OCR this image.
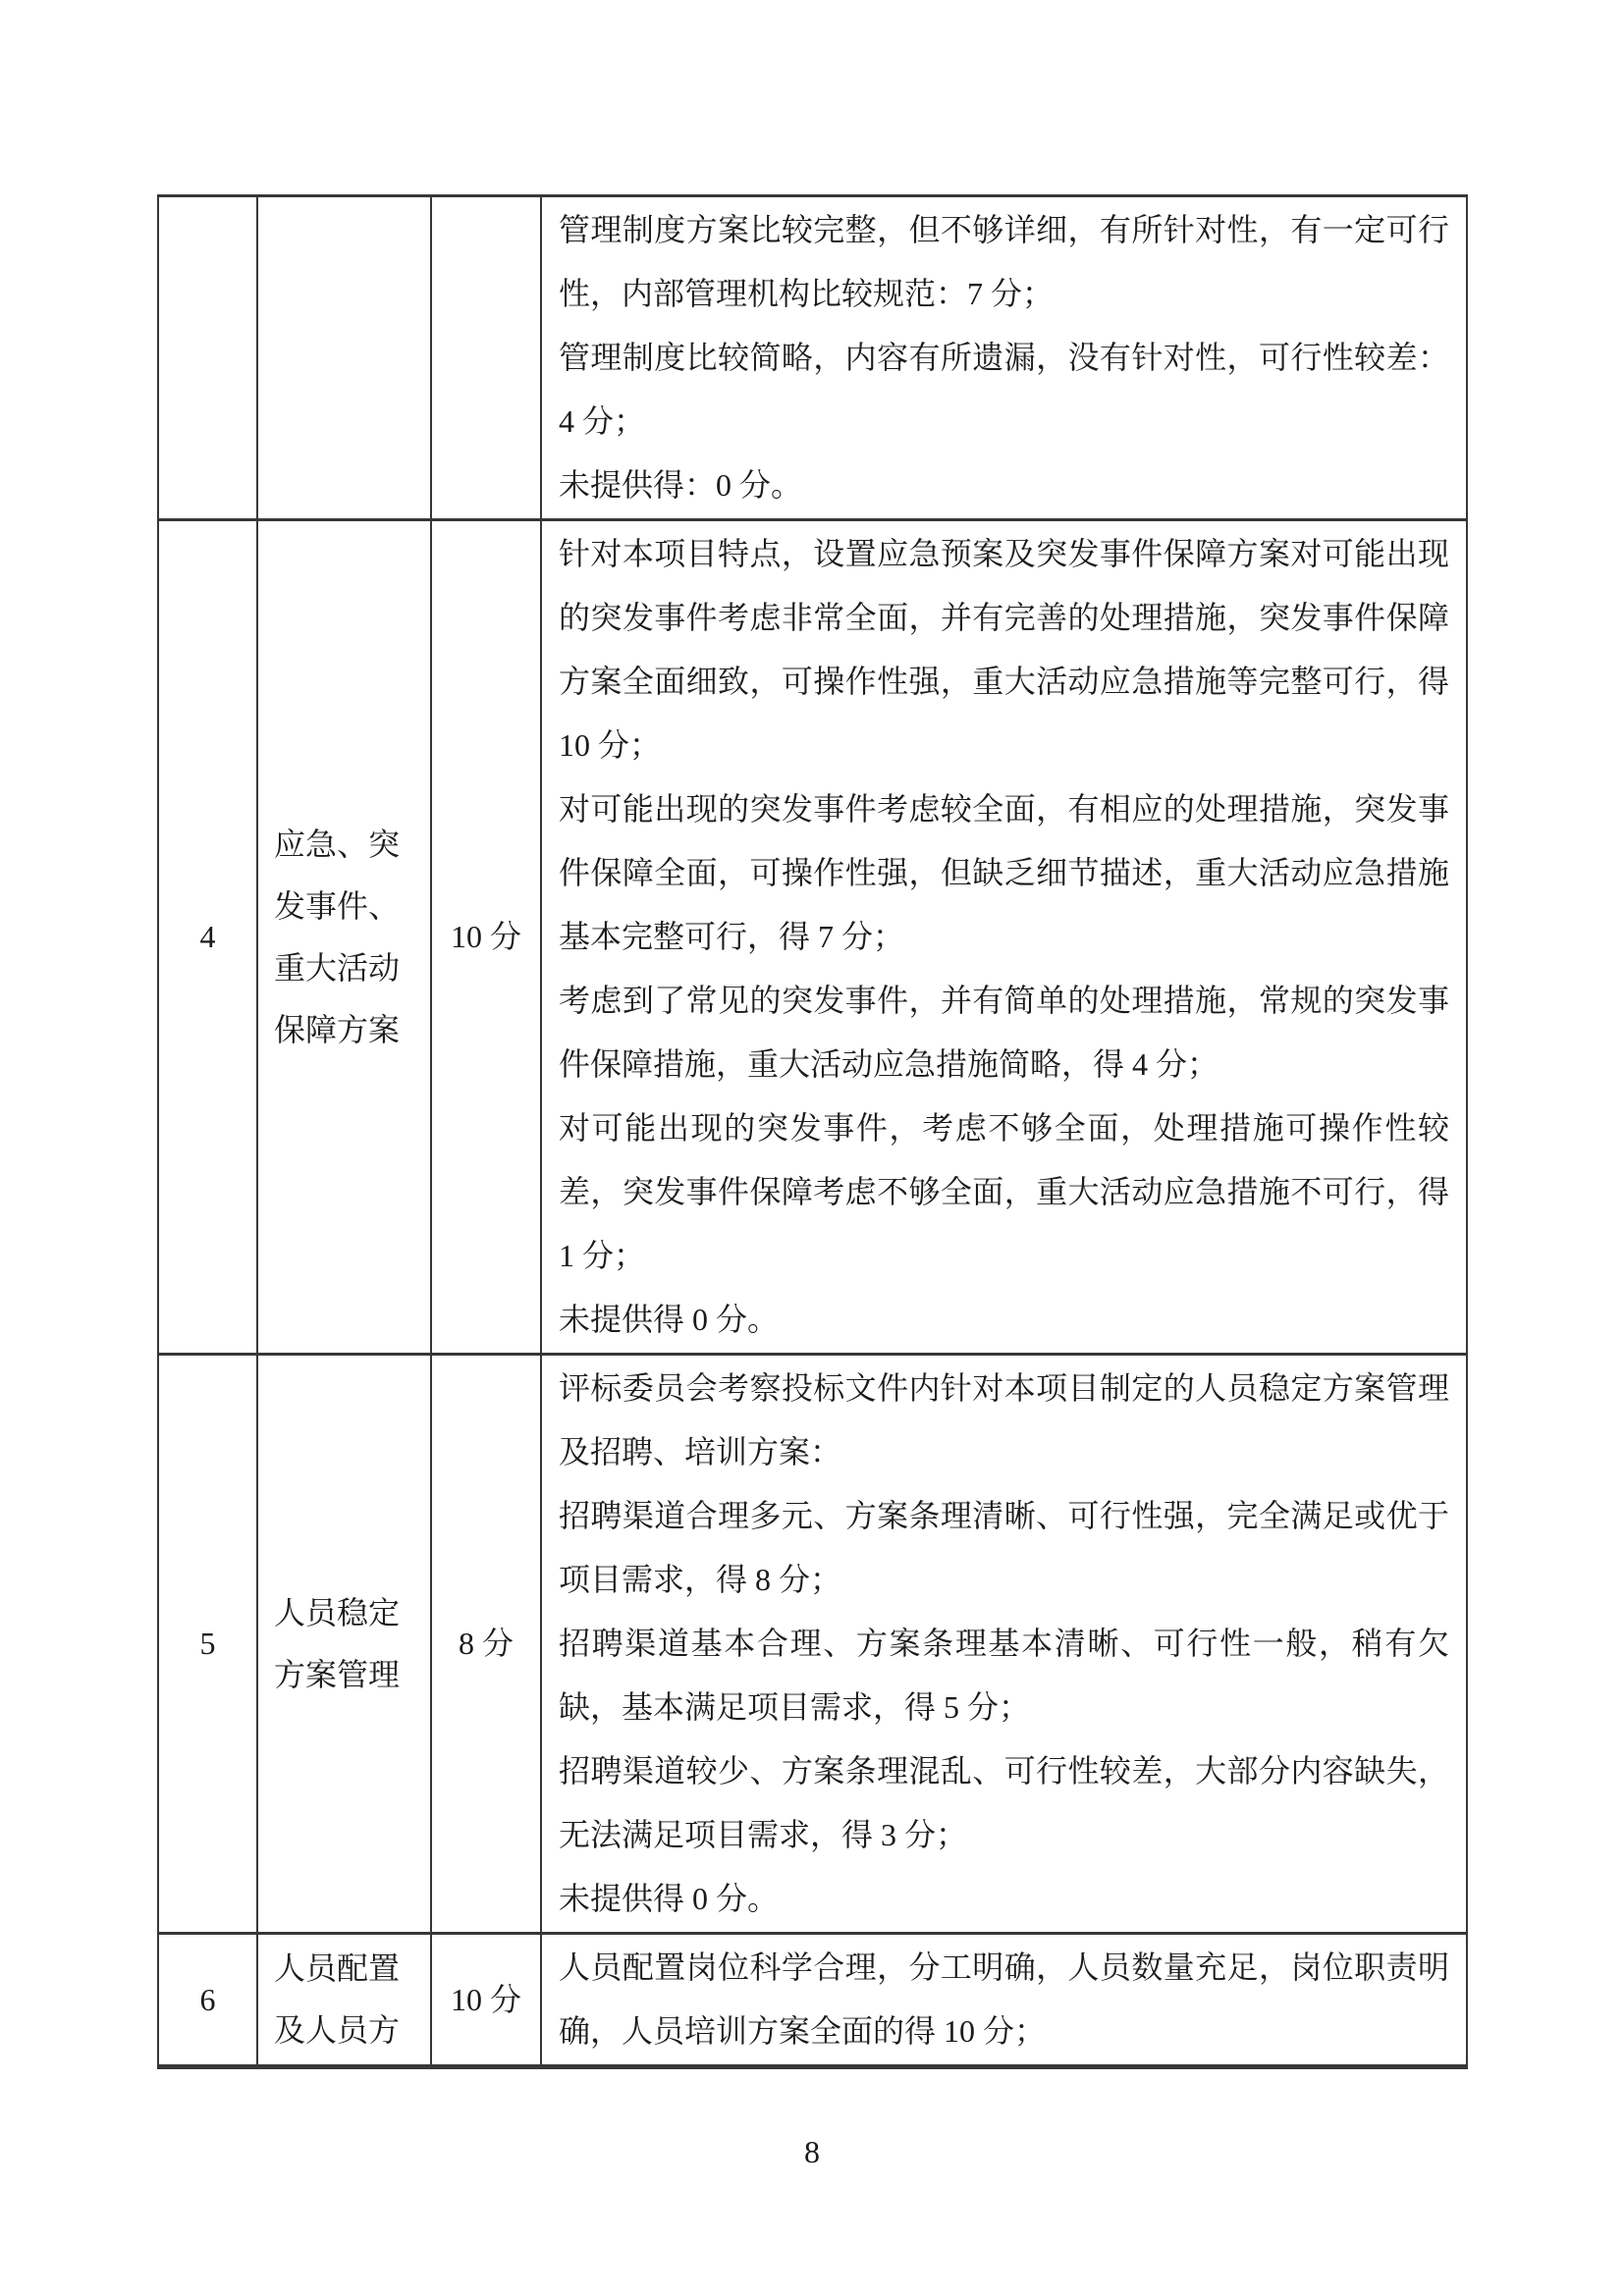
			管理制度方案比较完整，但不够详细，有所针对性，有一定可行性，内部管理机构比较规范：7 分；

管理制度比较简略，内容有所遗漏，没有针对性，可行性较差：4 分；

未提供得：0 分。

4	应急、突发事件、重大活动保障方案	10 分	针对本项目特点，设置应急预案及突发事件保障方案对可能出现的突发事件考虑非常全面，并有完善的处理措施，突发事件保障方案全面细致，可操作性强，重大活动应急措施等完整可行，得 10 分；

对可能出现的突发事件考虑较全面，有相应的处理措施，突发事件保障全面，可操作性强，但缺乏细节描述，重大活动应急措施基本完整可行，得 7 分；

考虑到了常见的突发事件，并有简单的处理措施，常规的突发事件保障措施，重大活动应急措施简略，得 4 分；

对可能出现的突发事件，考虑不够全面，处理措施可操作性较差，突发事件保障考虑不够全面，重大活动应急措施不可行，得 1 分；

未提供得 0 分。

5	人员稳定方案管理	8 分	评标委员会考察投标文件内针对本项目制定的人员稳定方案管理及招聘、培训方案：

招聘渠道合理多元、方案条理清晰、可行性强，完全满足或优于项目需求，得 8 分；

招聘渠道基本合理、方案条理基本清晰、可行性一般，稍有欠缺，基本满足项目需求，得 5 分；

招聘渠道较少、方案条理混乱、可行性较差，大部分内容缺失，无法满足项目需求，得 3 分；

未提供得 0 分。

6	人员配置及人员方	10 分	人员配置岗位科学合理，分工明确，人员数量充足，岗位职责明确，人员培训方案全面的得 10 分；

8
